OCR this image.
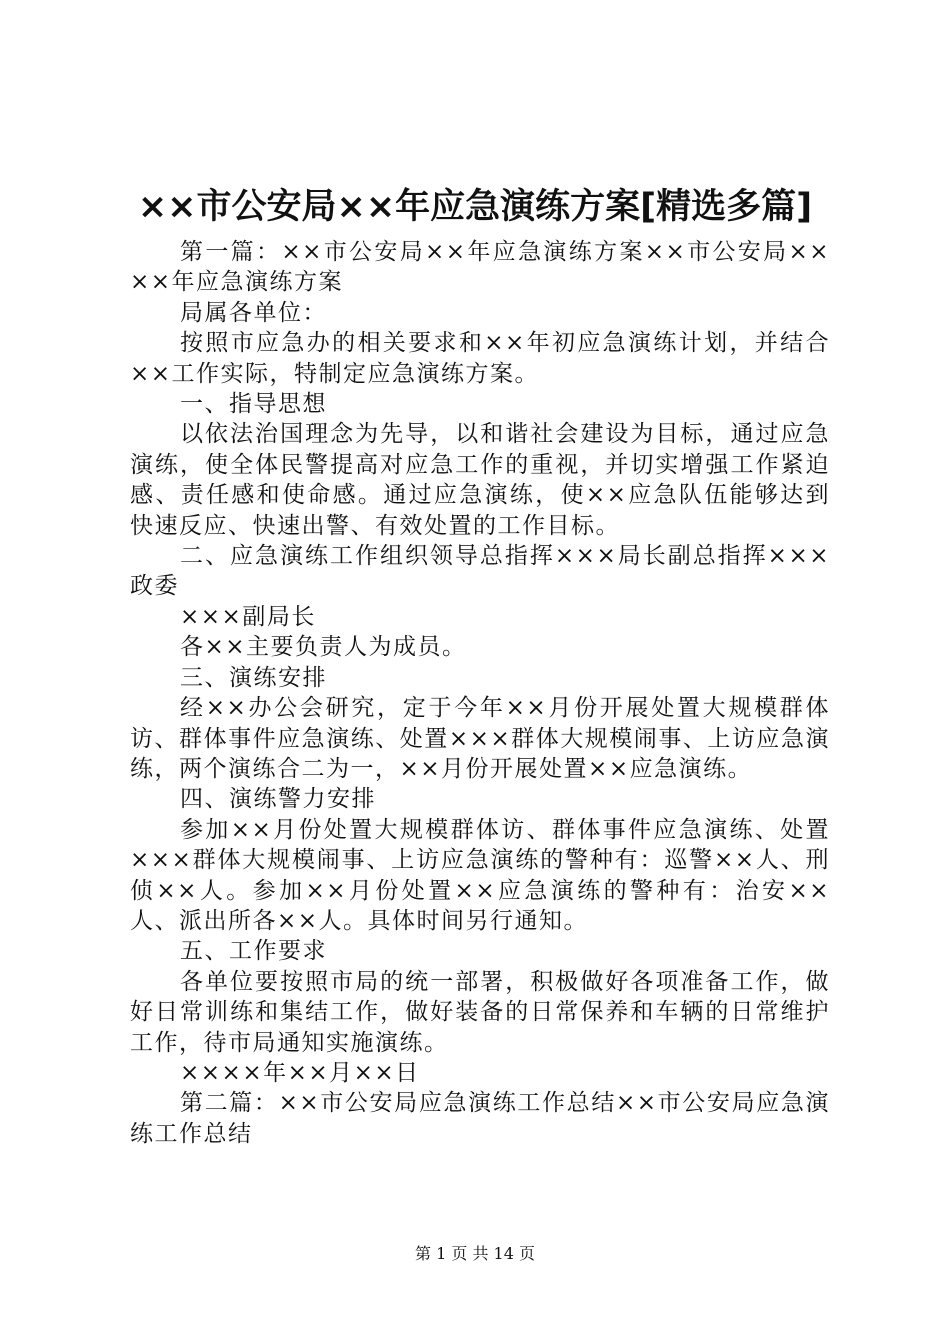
××市公安局××年应急演练方案[精选多篇]

第一篇：××市公安局××年应急演练方案××市公安局××××年应急演练方案

局属各单位：

按照市应急办的相关要求和××年初应急演练计划，并结合××工作实际，特制定应急演练方案。

一、指导思想

以依法治国理念为先导，以和谐社会建设为目标，通过应急演练，使全体民警提高对应急工作的重视，并切实增强工作紧迫感、责任感和使命感。通过应急演练，使××应急队伍能够达到快速反应、快速出警、有效处置的工作目标。

二、应急演练工作组织领导总指挥×××局长副总指挥×××政委

×××副局长

各××主要负责人为成员。

三、演练安排

经××办公会研究，定于今年××月份开展处置大规模群体访、群体事件应急演练、处置×××群体大规模闹事、上访应急演练，两个演练合二为一，××月份开展处置××应急演练。

四、演练警力安排

参加××月份处置大规模群体访、群体事件应急演练、处置×××群体大规模闹事、上访应急演练的警种有：巡警××人、刑侦××人。参加××月份处置××应急演练的警种有：治安××人、派出所各××人。具体时间另行通知。

五、工作要求

各单位要按照市局的统一部署，积极做好各项准备工作，做好日常训练和集结工作，做好装备的日常保养和车辆的日常维护工作，待市局通知实施演练。

××××年××月××日

第二篇：××市公安局应急演练工作总结××市公安局应急演练工作总结

第 1 页 共 14 页
